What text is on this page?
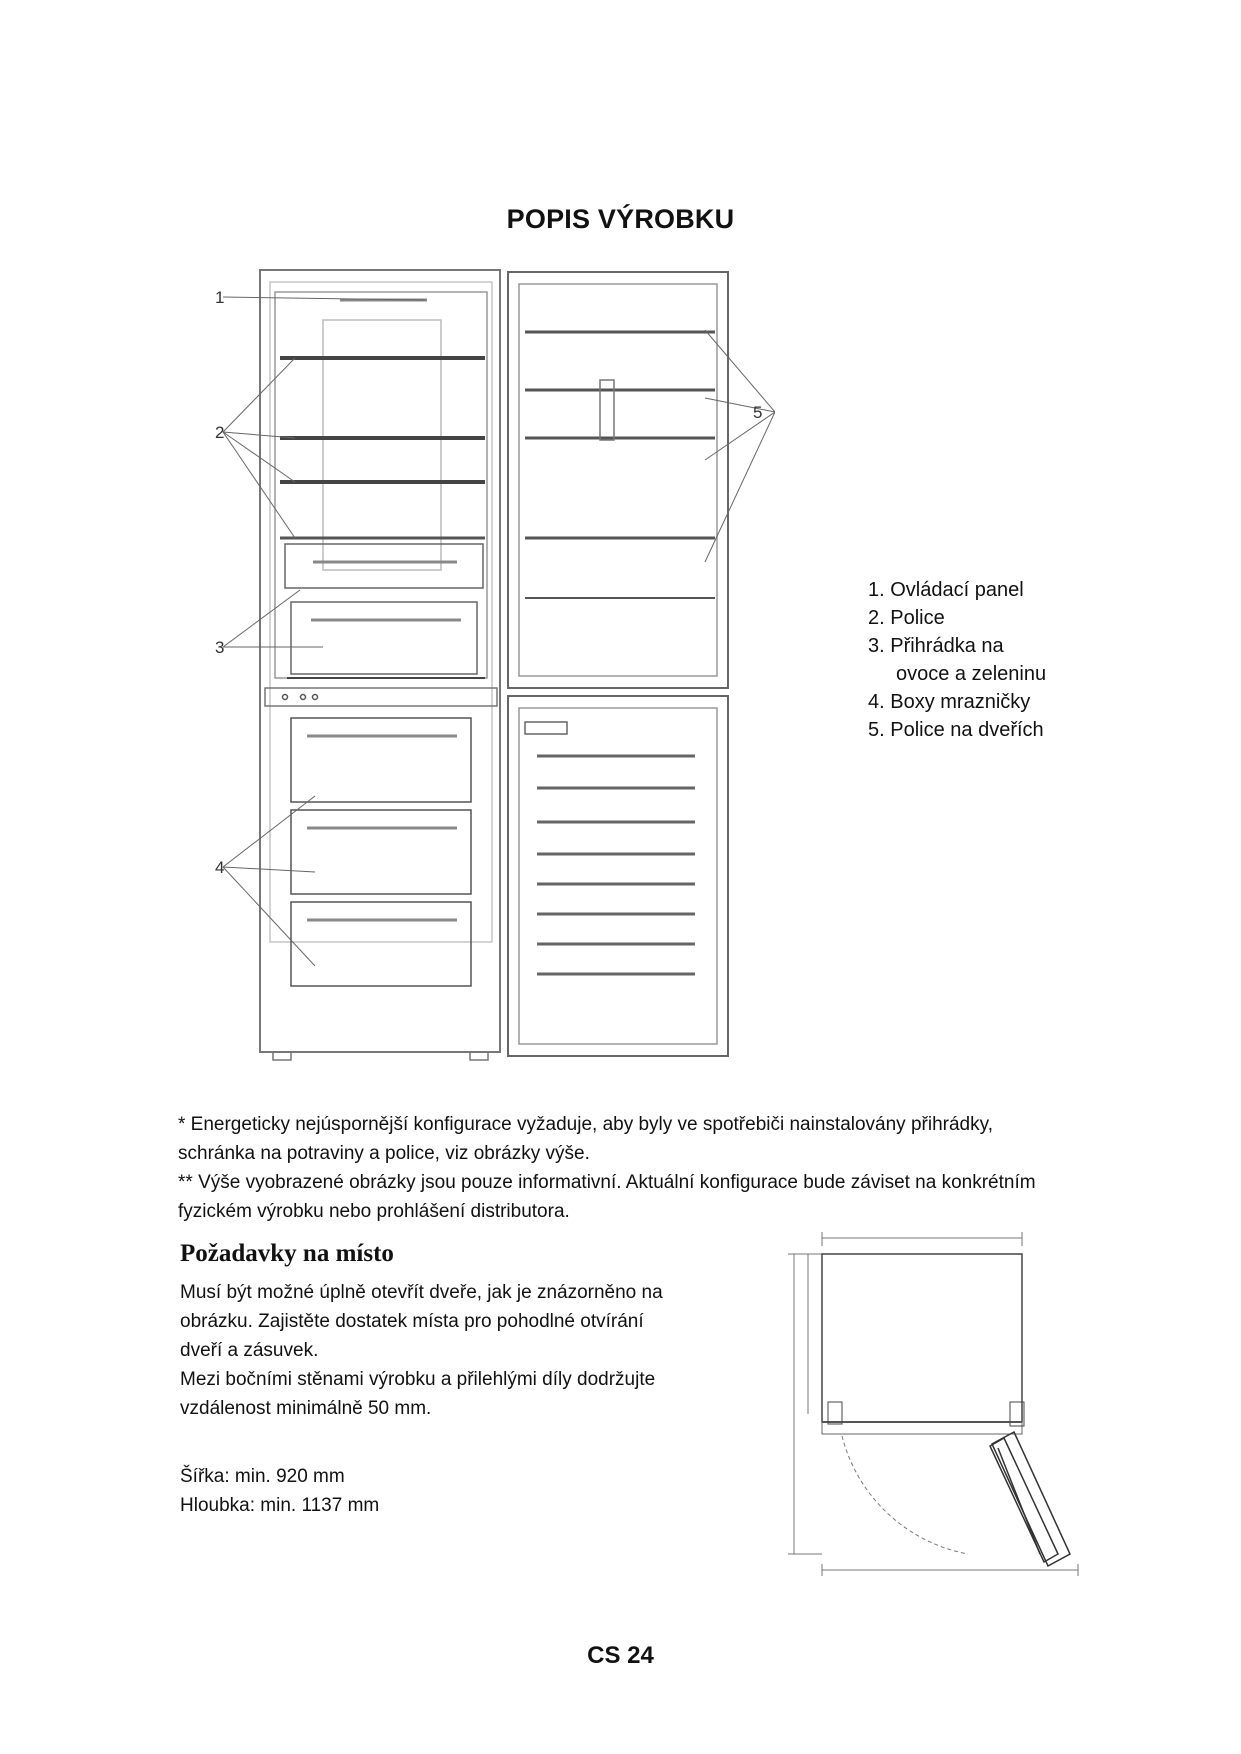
POPIS VÝROBKU
1
2
3
4
5
1. Ovládací panel
2. Police
3. Přihrádka na
ovoce a zeleninu
4. Boxy mrazničky
5. Police na dveřích
* Energeticky nejúspornější konfigurace vyžaduje, aby byly ve spotřebiči nainstalovány přihrádky,
schránka na potraviny a police, viz obrázky výše.
** Výše vyobrazené obrázky jsou pouze informativní. Aktuální konfigurace bude záviset na konkrétním
fyzickém výrobku nebo prohlášení distributora.
Požadavky na místo
Musí být možné úplně otevřít dveře, jak je znázorněno na
obrázku. Zajistěte dostatek místa pro pohodlné otvírání
dveří a zásuvek.
Mezi bočními stěnami výrobku a přilehlými díly dodržujte
vzdálenost minimálně 50 mm.
Šířka: min. 920 mm
Hloubka: min. 1137 mm
CS 24
